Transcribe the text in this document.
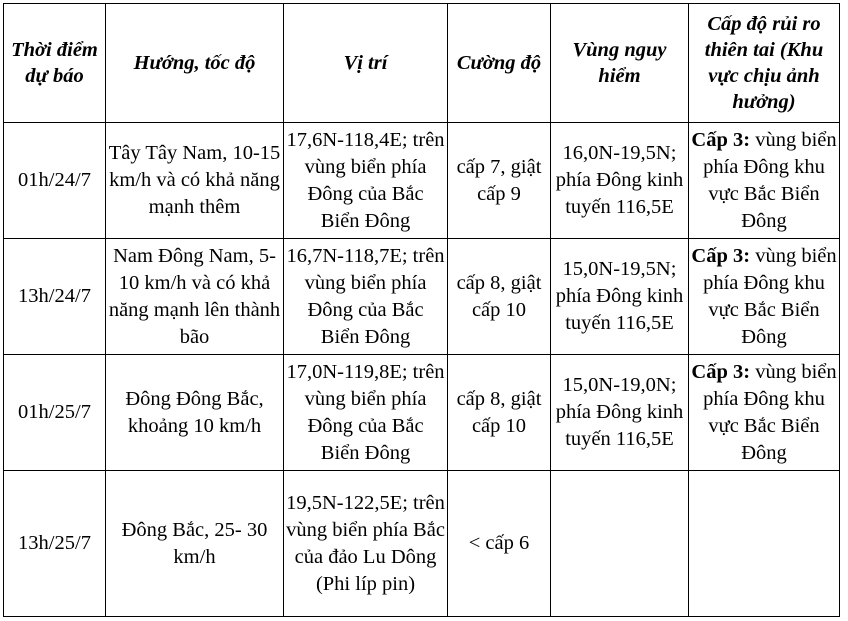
Thời điểm dự báo	Hướng, tốc độ	Vị trí	Cường độ	Vùng nguy hiểm	Cấp độ rủi ro thiên tai (Khu vực chịu ảnh hưởng)
01h/24/7	Tây Tây Nam, 10-15 km/h và có khả năng mạnh thêm	17,6N-118,4E; trên vùng biển phía Đông của Bắc Biển Đông	cấp 7, giật cấp 9	16,0N-19,5N; phía Đông kinh tuyến 116,5E	Cấp 3: vùng biển phía Đông khu vực Bắc Biển Đông
13h/24/7	Nam Đông Nam, 5-10 km/h và có khả năng mạnh lên thành bão	16,7N-118,7E; trên vùng biển phía Đông của Bắc Biển Đông	cấp 8, giật cấp 10	15,0N-19,5N; phía Đông kinh tuyến 116,5E	Cấp 3: vùng biển phía Đông khu vực Bắc Biển Đông
01h/25/7	Đông Đông Bắc, khoảng 10 km/h	17,0N-119,8E; trên vùng biển phía Đông của Bắc Biển Đông	cấp 8, giật cấp 10	15,0N-19,0N; phía Đông kinh tuyến 116,5E	Cấp 3: vùng biển phía Đông khu vực Bắc Biển Đông
13h/25/7	Đông Bắc, 25- 30 km/h	19,5N-122,5E; trên vùng biển phía Bắc của đảo Lu Dông (Phi líp pin)	< cấp 6		
